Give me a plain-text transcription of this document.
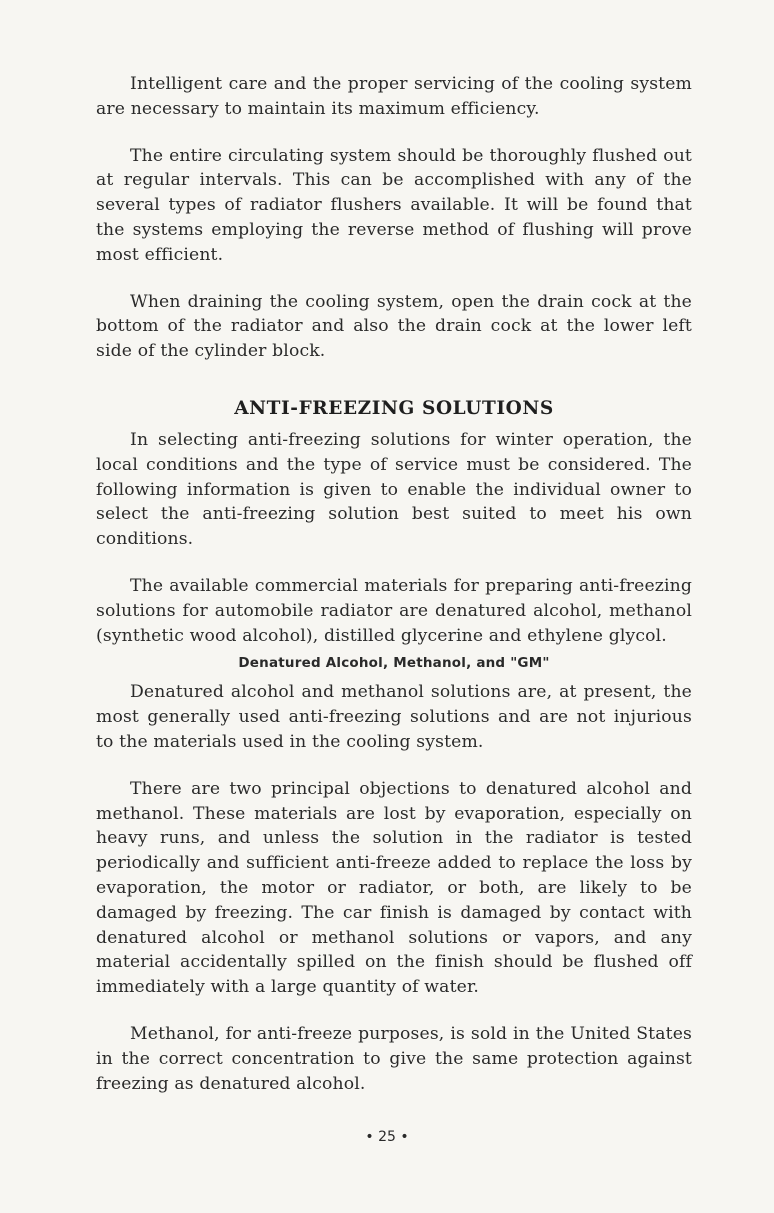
Intelligent care and the proper servicing of the cooling system are necessary to maintain its maximum efficiency.

The entire circulating system should be thoroughly flushed out at regular intervals. This can be accomplished with any of the several types of radiator flushers available. It will be found that the systems employing the reverse method of flushing will prove most efficient.

When draining the cooling system, open the drain cock at the bottom of the radiator and also the drain cock at the lower left side of the cylinder block.

ANTI-FREEZING SOLUTIONS

In selecting anti-freezing solutions for winter operation, the local conditions and the type of service must be considered. The following information is given to enable the individual owner to select the anti-freezing solution best suited to meet his own conditions.

The available commercial materials for preparing anti-freezing solutions for automobile radiator are denatured alcohol, methanol (synthetic wood alcohol), distilled glycerine and ethylene glycol.

Denatured Alcohol, Methanol, and "GM"

Denatured alcohol and methanol solutions are, at present, the most generally used anti-freezing solutions and are not injurious to the materials used in the cooling system.

There are two principal objections to denatured alcohol and methanol. These materials are lost by evaporation, especially on heavy runs, and unless the solution in the radiator is tested periodically and sufficient anti-freeze added to replace the loss by evaporation, the motor or radiator, or both, are likely to be damaged by freezing. The car finish is damaged by contact with denatured alcohol or methanol solutions or vapors, and any material accidentally spilled on the finish should be flushed off immediately with a large quantity of water.

Methanol, for anti-freeze purposes, is sold in the United States in the correct concentration to give the same protection against freezing as denatured alcohol.

• 25 •
